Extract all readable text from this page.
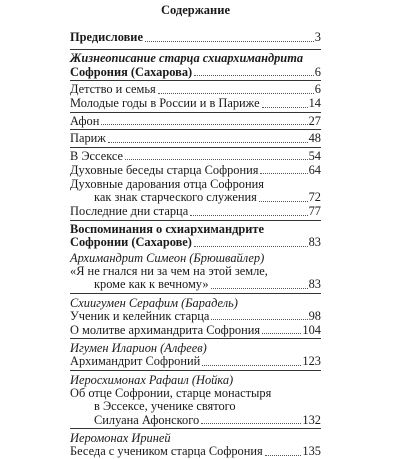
Содержание
Предисловие	3
Жизнеописание старца схиархимандрита
Софрония (Сахарова)	6
Детство и семья	6
Молодые годы в России и в Париже	14
Афон	27
Париж	48
В Эссексе	54
Духовные беседы старца Софрония	64
Духовные дарования отца Софрония
как знак старческого служения	72
Последние дни старца	77
Воспоминания о схиархимандрите
Софронии (Сахарове)	83
Архимандрит Симеон (Брюшвайлер)
«Я не гнался ни за чем на этой земле,
кроме как к вечному»	83
Схиигумен Серафим (Барадель)
Ученик и келейник старца	98
О молитве архимандрита Софрония	104
Игумен Иларион (Алфеев)
Архимандрит Софроний	123
Иеросхимонах Рафаил (Нойка)
Об отце Софронии, старце монастыря
в Эссексе, ученике святого
Силуана Афонского	132
Иеромонах Ириней
Беседа с учеником старца Софрония	135
